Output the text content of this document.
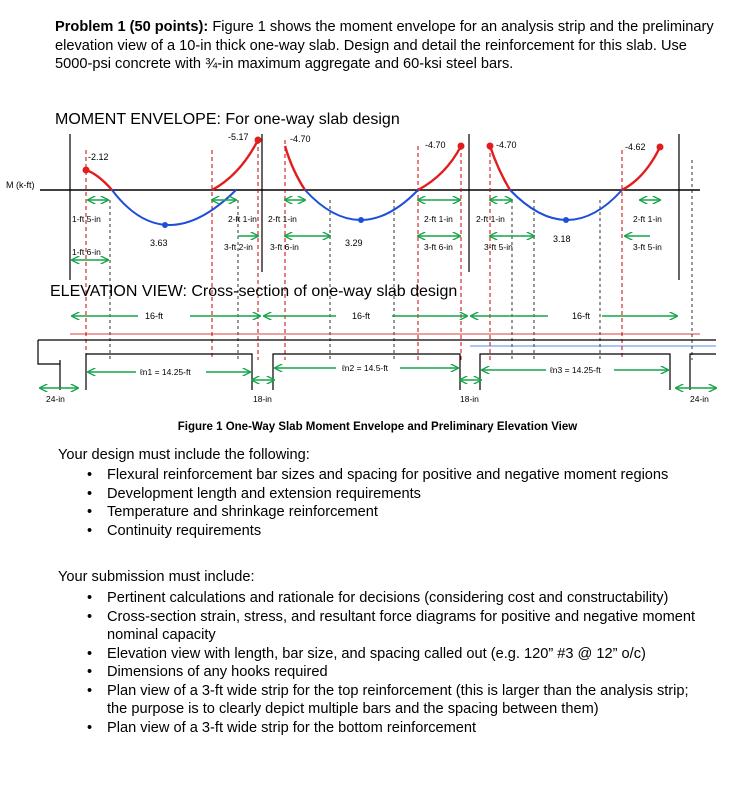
Problem 1 (50 points): Figure 1 shows the moment envelope for an analysis strip and the preliminary elevation view of a 10-in thick one-way slab. Design and detail the reinforcement for this slab. Use 5000-psi concrete with ¾-in maximum aggregate and 60-ksi steel bars.
MOMENT ENVELOPE: For one-way slab design
M (k-ft)
-2.12
-5.17	-4.70
-4.70	-4.70	-4.62
3.63	3.29	3.18
1-ft 5-in	2-ft 1-in 2-ft 1-in	2-ft 1-in	2-ft 1-in	2-ft 1-in
1-ft 6-in	3-ft 2-in 3-ft 6-in	3-ft 6-in	3-ft 5-in	3-ft 5-in
ELEVATION VIEW: Cross-section of one-way slab design
16-ft	16-ft	16-ft
ℓn1 = 14.25-ft	ℓn2 = 14.5-ft	ℓn3 = 14.25-ft
24-in	18-in	18-in	24-in
Figure 1 One-Way Slab Moment Envelope and Preliminary Elevation View
Your design must include the following:
• Flexural reinforcement bar sizes and spacing for positive and negative moment regions
• Development length and extension requirements
• Temperature and shrinkage reinforcement
• Continuity requirements
Your submission must include:
• Pertinent calculations and rationale for decisions (considering cost and constructability)
• Cross-section strain, stress, and resultant force diagrams for positive and negative moment nominal capacity
• Elevation view with length, bar size, and spacing called out (e.g. 120” #3 @ 12” o/c)
• Dimensions of any hooks required
• Plan view of a 3-ft wide strip for the top reinforcement (this is larger than the analysis strip; the purpose is to clearly depict multiple bars and the spacing between them)
• Plan view of a 3-ft wide strip for the bottom reinforcement
